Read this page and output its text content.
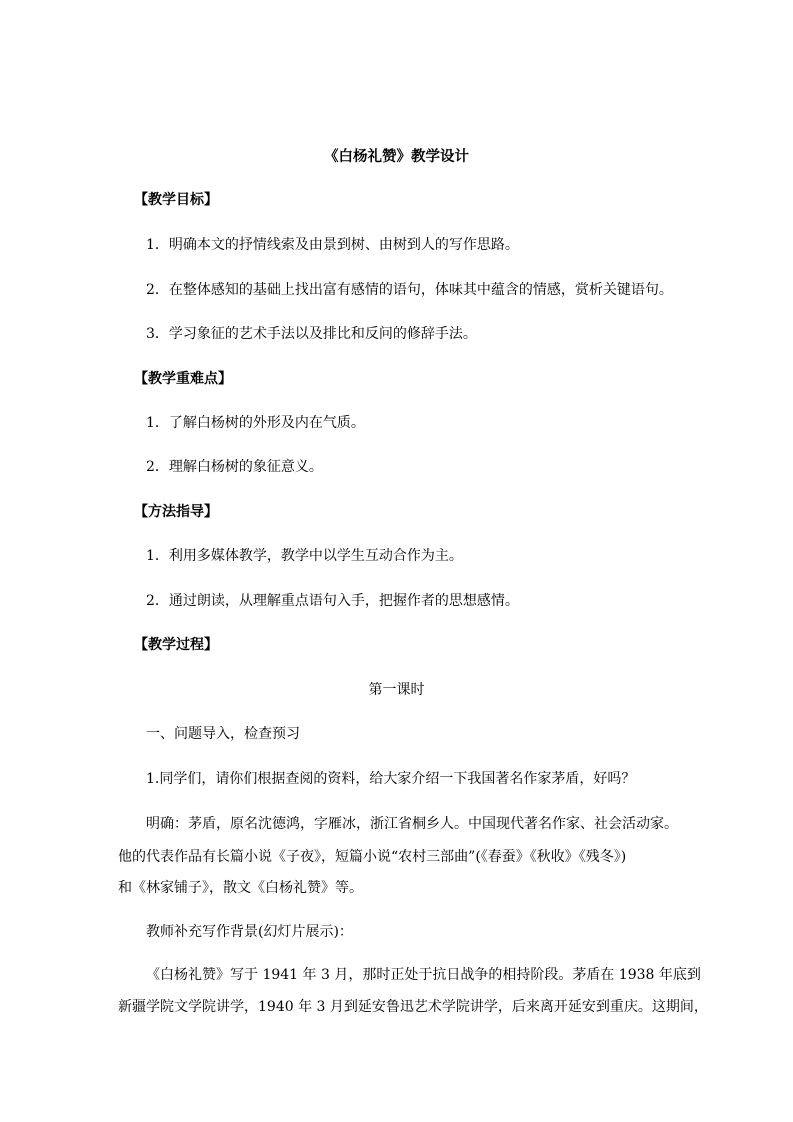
《白杨礼赞》教学设计

【教学目标】

1．明确本文的抒情线索及由景到树、由树到人的写作思路。

2．在整体感知的基础上找出富有感情的语句，体味其中蕴含的情感，赏析关键语句。

3．学习象征的艺术手法以及排比和反问的修辞手法。

【教学重难点】

1．了解白杨树的外形及内在气质。

2．理解白杨树的象征意义。

【方法指导】

1．利用多媒体教学，教学中以学生互动合作为主。

2．通过朗读，从理解重点语句入手，把握作者的思想感情。

【教学过程】

第一课时

一、问题导入，检查预习

1.同学们，请你们根据查阅的资料，给大家介绍一下我国著名作家茅盾，好吗？

明确：茅盾，原名沈德鸿，字雁冰，浙江省桐乡人。中国现代著名作家、社会活动家。

他的代表作品有长篇小说《子夜》，短篇小说“农村三部曲”(《春蚕》《秋收》《残冬》)

和《林家铺子》，散文《白杨礼赞》等。

教师补充写作背景(幻灯片展示)：

《白杨礼赞》写于 1941 年 3 月，那时正处于抗日战争的相持阶段。茅盾在 1938 年底到

新疆学院文学院讲学，1940 年 3 月到延安鲁迅艺术学院讲学，后来离开延安到重庆。这期间，
